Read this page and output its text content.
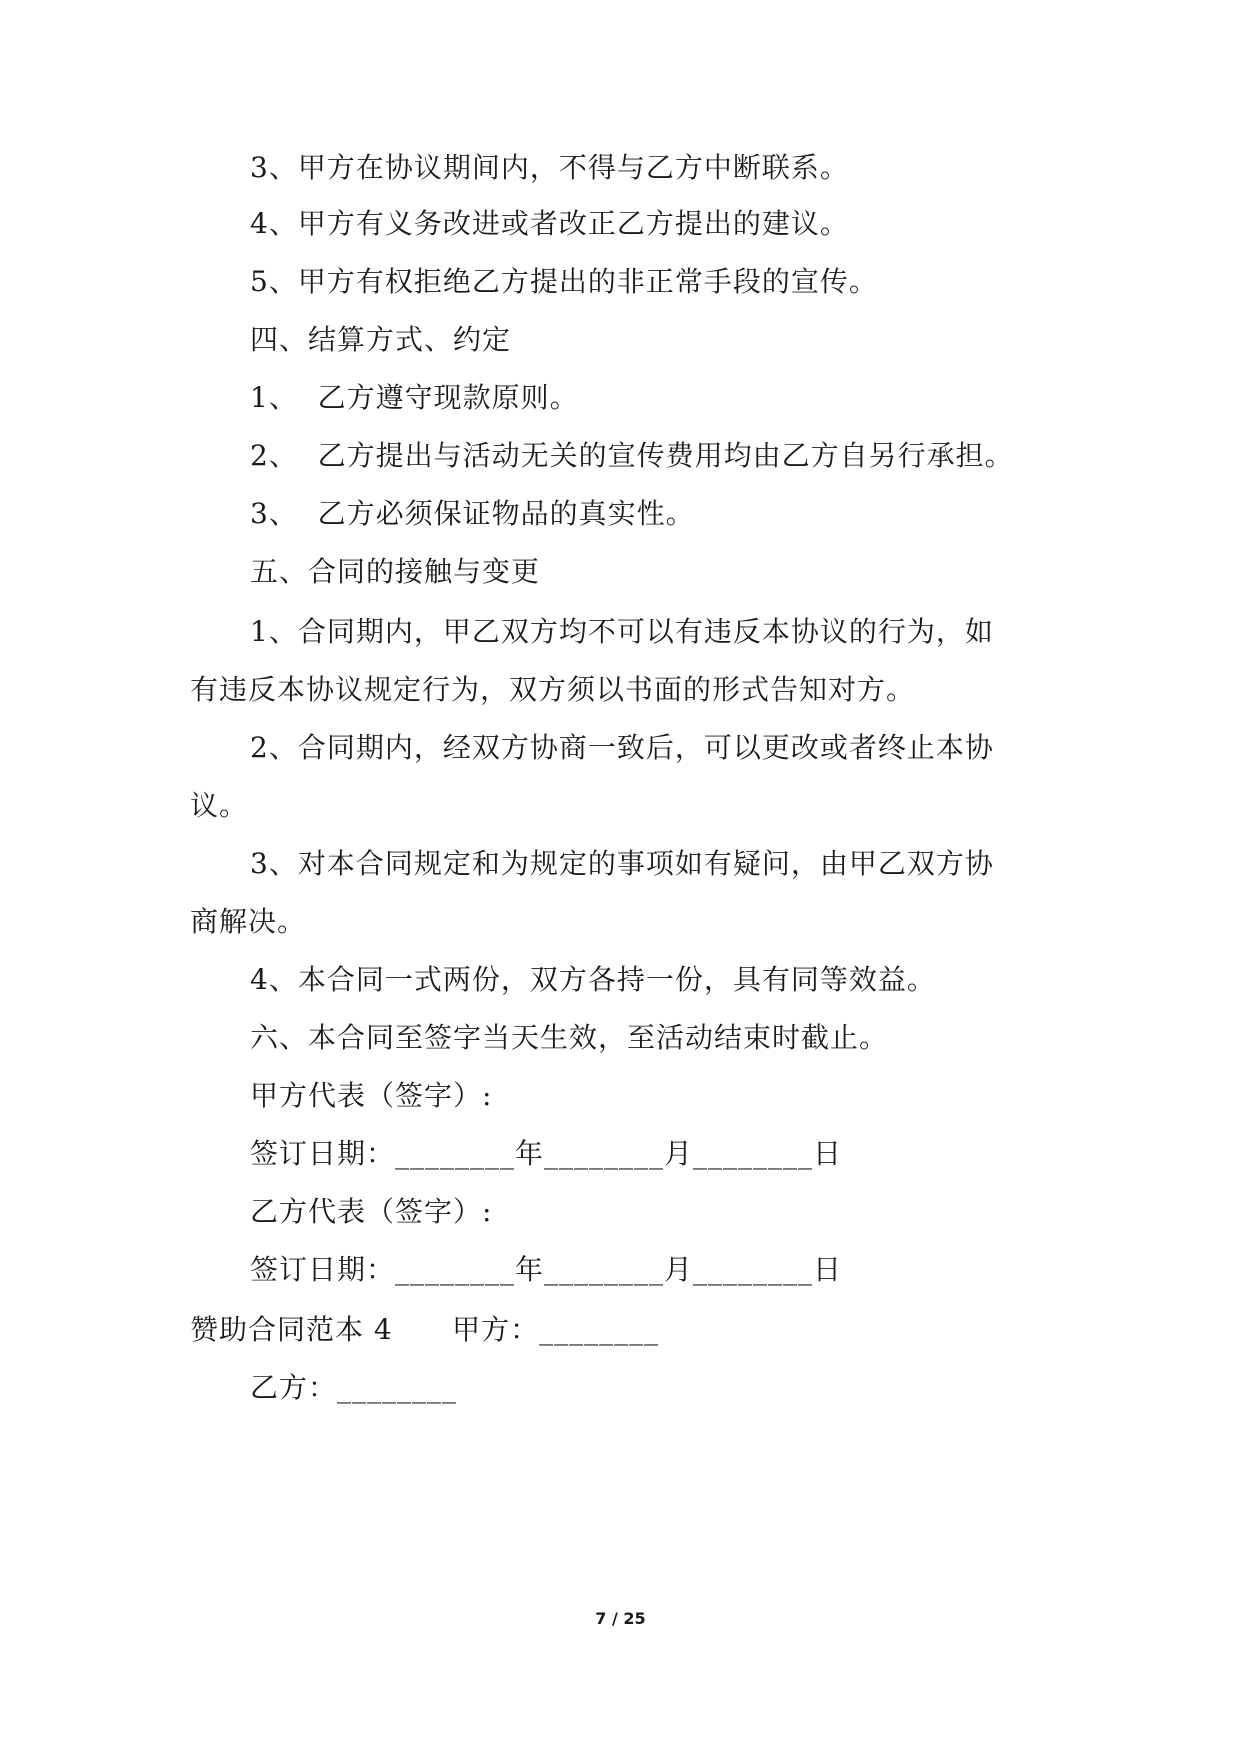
3、甲方在协议期间内，不得与乙方中断联系。
4、甲方有义务改进或者改正乙方提出的建议。
5、甲方有权拒绝乙方提出的非正常手段的宣传。
四、结算方式、约定
1、  乙方遵守现款原则。
2、  乙方提出与活动无关的宣传费用均由乙方自另行承担。
3、  乙方必须保证物品的真实性。
五、合同的接触与变更
1、合同期内，甲乙双方均不可以有违反本协议的行为，如
有违反本协议规定行为，双方须以书面的形式告知对方。
2、合同期内，经双方协商一致后，可以更改或者终止本协
议。
3、对本合同规定和为规定的事项如有疑问，由甲乙双方协
商解决。
4、本合同一式两份，双方各持一份，具有同等效益。
六、本合同至签字当天生效，至活动结束时截止。
甲方代表（签字）:
签订日期：________年________月________日
乙方代表（签字）:
签订日期：________年________月________日
赞助合同范本 4      甲方：________
乙方：________
7 / 25
